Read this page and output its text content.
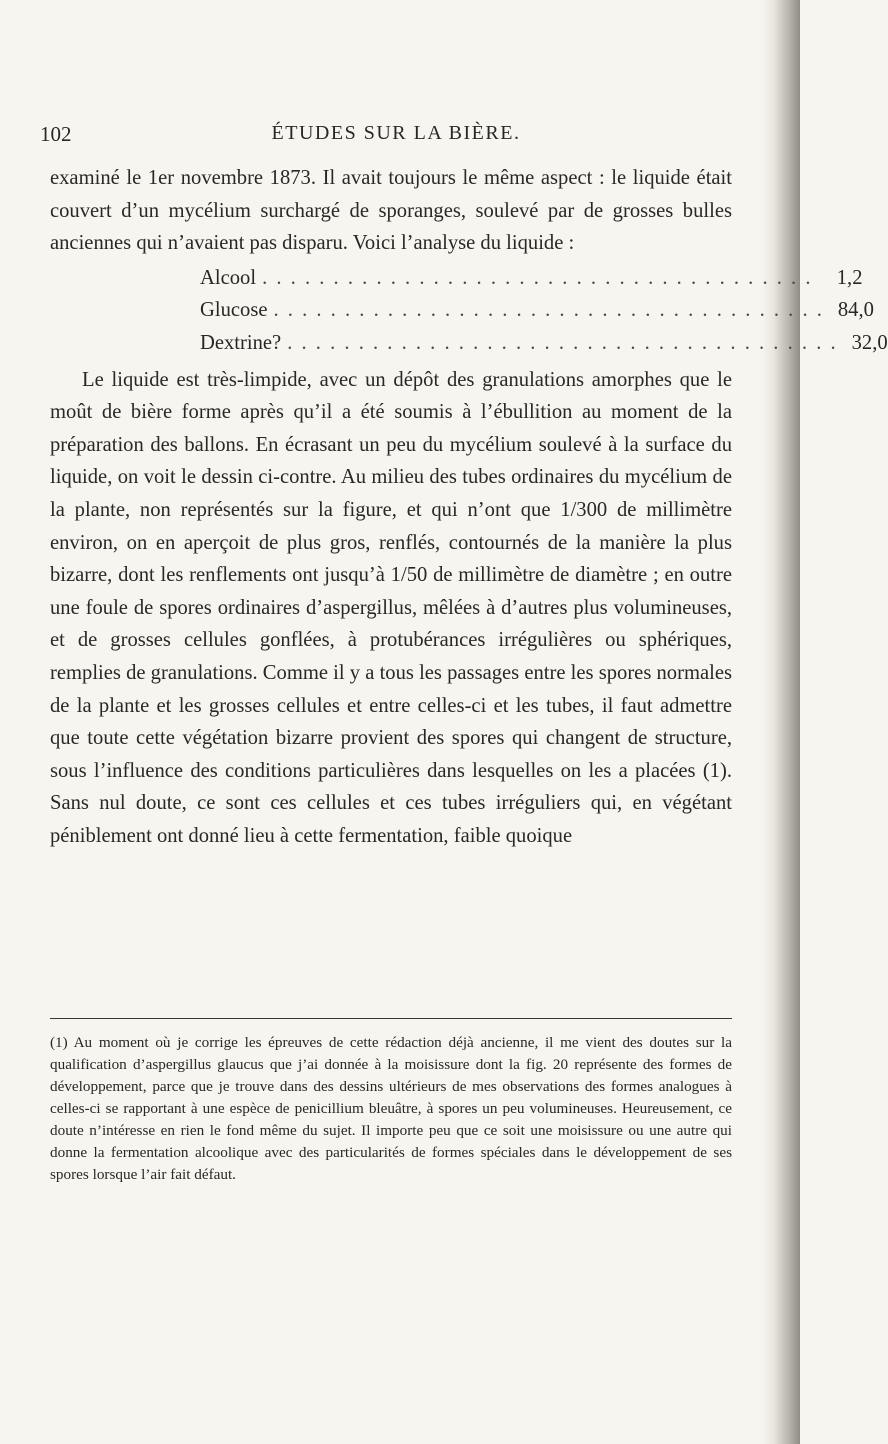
102	ÉTUDES SUR LA BIÈRE.

examiné le 1er novembre 1873. Il avait toujours le même aspect : le liquide était couvert d’un mycélium surchargé de sporanges, soulevé par de grosses bulles anciennes qui n’avaient pas disparu. Voici l’analyse du liquide :

Alcool . . . . . . . . . . . . . . . . . . . . . . . . . . . . . . . . . . . . . . .	1,2
Glucose . . . . . . . . . . . . . . . . . . . . . . . . . . . . . . . . . . . . . . . 84,0
Dextrine? . . . . . . . . . . . . . . . . . . . . . . . . . . . . . . . . . . . . . . . 32,0

Le liquide est très-limpide, avec un dépôt des granulations amorphes que le moût de bière forme après qu’il a été soumis à l’ébullition au moment de la préparation des ballons. En écrasant un peu du mycélium soulevé à la surface du liquide, on voit le dessin ci-contre. Au milieu des tubes ordinaires du mycélium de la plante, non représentés sur la figure, et qui n’ont que 1/300 de millimètre environ, on en aperçoit de plus gros, renflés, contournés de la manière la plus bizarre, dont les renflements ont jusqu’à 1/50 de millimètre de diamètre ; en outre une foule de spores ordinaires d’aspergillus, mêlées à d’autres plus volumineuses, et de grosses cellules gonflées, à protubérances irrégulières ou sphériques, remplies de granulations. Comme il y a tous les passages entre les spores normales de la plante et les grosses cellules et entre celles-ci et les tubes, il faut admettre que toute cette végétation bizarre provient des spores qui changent de structure, sous l’influence des conditions particulières dans lesquelles on les a placées (1). Sans nul doute, ce sont ces cellules et ces tubes irréguliers qui, en végétant péniblement ont donné lieu à cette fermentation, faible quoique

(1) Au moment où je corrige les épreuves de cette rédaction déjà ancienne, il me vient des doutes sur la qualification d’aspergillus glaucus que j’ai donnée à la moisissure dont la fig. 20 représente des formes de développement, parce que je trouve dans des dessins ultérieurs de mes observations des formes analogues à celles-ci se rapportant à une espèce de penicillium bleuâtre, à spores un peu volumineuses. Heureusement, ce doute n’intéresse en rien le fond même du sujet. Il importe peu que ce soit une moisissure ou une autre qui donne la fermentation alcoolique avec des particularités de formes spéciales dans le développement de ses spores lorsque l’air fait défaut.
